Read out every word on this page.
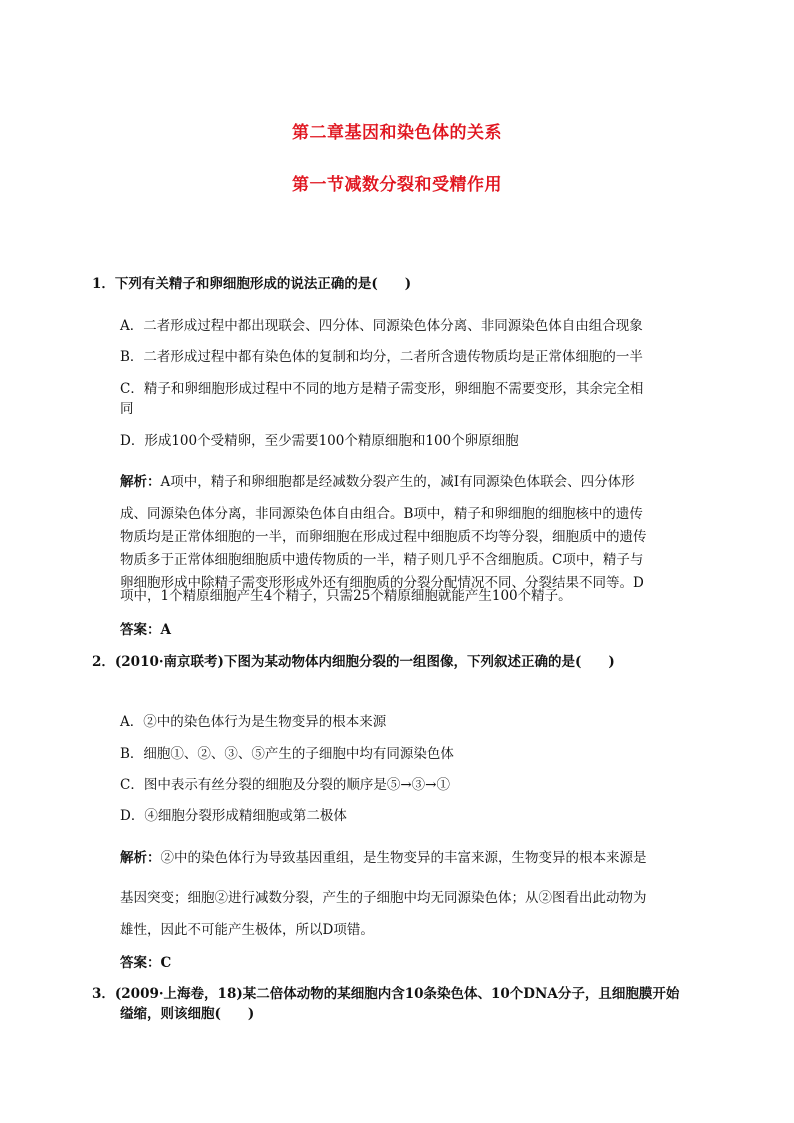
第二章基因和染色体的关系
第一节减数分裂和受精作用
1．下列有关精子和卵细胞形成的说法正确的是(　　)
A．二者形成过程中都出现联会、四分体、同源染色体分离、非同源染色体自由组合现象
B．二者形成过程中都有染色体的复制和均分，二者所含遗传物质均是正常体细胞的一半
C．精子和卵细胞形成过程中不同的地方是精子需变形，卵细胞不需要变形，其余完全相
同
D．形成100个受精卵，至少需要100个精原细胞和100个卵原细胞
解析：A项中，精子和卵细胞都是经减数分裂产生的，减Ⅰ有同源染色体联会、四分体形
成、同源染色体分离，非同源染色体自由组合。B项中，精子和卵细胞的细胞核中的遗传
物质均是正常体细胞的一半，而卵细胞在形成过程中细胞质不均等分裂，细胞质中的遗传
物质多于正常体细胞细胞质中遗传物质的一半，精子则几乎不含细胞质。C项中，精子与
卵细胞形成中除精子需变形形成外还有细胞质的分裂分配情况不同、分裂结果不同等。D
项中，1个精原细胞产生4个精子，只需25个精原细胞就能产生100个精子。
答案：A
2．(2010·南京联考)下图为某动物体内细胞分裂的一组图像，下列叙述正确的是(　　)
A．②中的染色体行为是生物变异的根本来源
B．细胞①、②、③、⑤产生的子细胞中均有同源染色体
C．图中表示有丝分裂的细胞及分裂的顺序是⑤→③→①
D．④细胞分裂形成精细胞或第二极体
解析：②中的染色体行为导致基因重组，是生物变异的丰富来源，生物变异的根本来源是
基因突变；细胞②进行减数分裂，产生的子细胞中均无同源染色体；从②图看出此动物为
雄性，因此不可能产生极体，所以D项错。
答案：C
3．(2009·上海卷，18)某二倍体动物的某细胞内含10条染色体、10个DNA分子，且细胞膜开始
缢缩，则该细胞(　　)
